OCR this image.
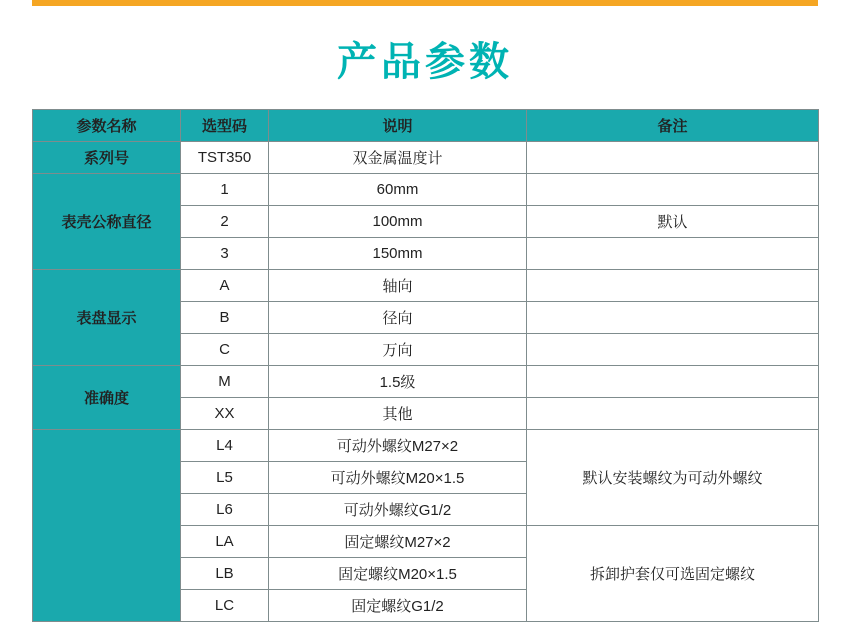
产品参数
参数名称	选型码	说明	备注
系列号	TST350	双金属温度计	
表壳公称直径	1	60mm	
	2	100mm	默认
	3	150mm	
表盘显示	A	轴向	
	B	径向	
	C	万向	
准确度	M	1.5级	
	XX	其他	
	L4	可动外螺纹M27×2	默认安装螺纹为可动外螺纹
	L5	可动外螺纹M20×1.5	
	L6	可动外螺纹G1/2	
	LA	固定螺纹M27×2	拆卸护套仅可选固定螺纹
	LB	固定螺纹M20×1.5	
	LC	固定螺纹G1/2	
